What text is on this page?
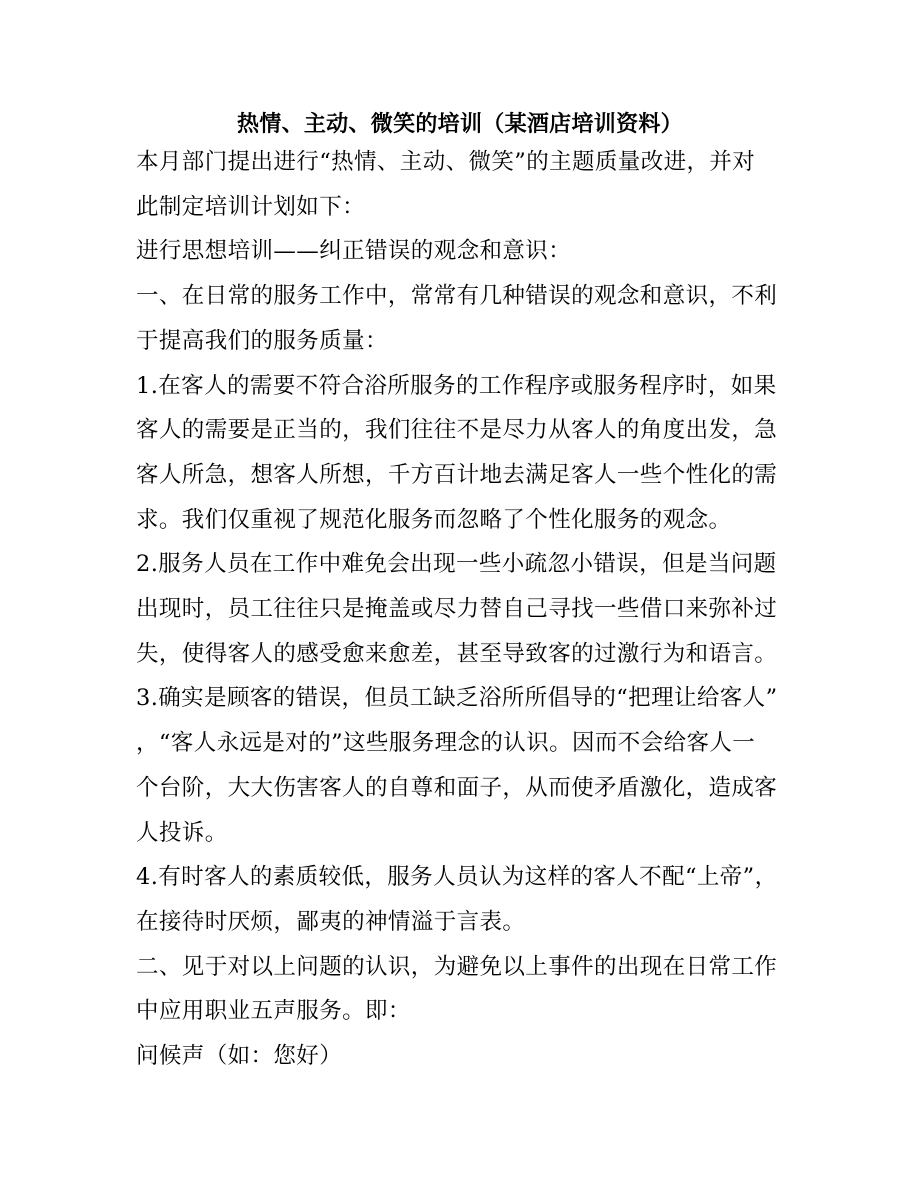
热情、主动、微笑的培训（某酒店培训资料）

本月部门提出进行“热情、主动、微笑”的主题质量改进，并对

此制定培训计划如下：

进行思想培训——纠正错误的观念和意识：

一、在日常的服务工作中，常常有几种错误的观念和意识，不利

于提高我们的服务质量：

1.在客人的需要不符合浴所服务的工作程序或服务程序时，如果

客人的需要是正当的，我们往往不是尽力从客人的角度出发，急

客人所急，想客人所想，千方百计地去满足客人一些个性化的需

求。我们仅重视了规范化服务而忽略了个性化服务的观念。

2.服务人员在工作中难免会出现一些小疏忽小错误，但是当问题

出现时，员工往往只是掩盖或尽力替自己寻找一些借口来弥补过

失，使得客人的感受愈来愈差，甚至导致客的过激行为和语言。

3.确实是顾客的错误，但员工缺乏浴所所倡导的“把理让给客人”

，“客人永远是对的”这些服务理念的认识。因而不会给客人一

个台阶，大大伤害客人的自尊和面子，从而使矛盾激化，造成客

人投诉。

4.有时客人的素质较低，服务人员认为这样的客人不配“上帝”，

在接待时厌烦，鄙夷的神情溢于言表。

二、见于对以上问题的认识，为避免以上事件的出现在日常工作

中应用职业五声服务。即：

问候声（如：您好）
